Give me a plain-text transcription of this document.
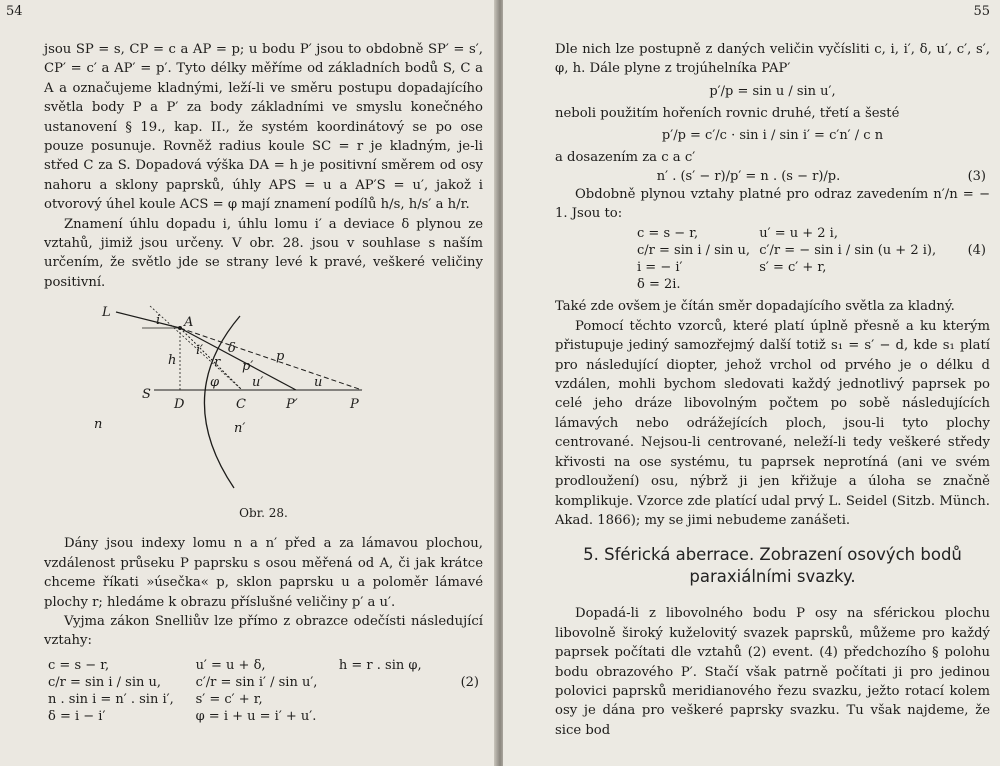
54

jsou SP = s, CP = c a AP = p; u bodu P′ jsou to obdobně SP′ = s′, CP′ = c′ a AP′ = p′. Tyto délky měříme od základních bodů S, C a A a označujeme kladnými, leží-li ve směru postupu dopadajícího světla body P a P′ za body základními ve smyslu konečného ustanovení § 19., kap. II., že systém koordinátový se po ose pouze posunuje. Rovněž radius koule SC = r je kladným, je-li střed C za S. Dopadová výška DA = h je positivní směrem od osy nahoru a sklony paprsků, úhly APS = u a AP′S = u′, jakož i otvorový úhel koule ACS = φ mají znamení podílů h/s, h/s′ a h/r.

Znamení úhlu dopadu i, úhlu lomu i′ a deviace δ plynou ze vztahů, jimiž jsou určeny. V obr. 28. jsou v souhlase s naším určením, že světlo jde se strany levé k pravé, veškeré veličiny positivní.

L
i A
h
S
D	C	P′	P
n	n′
p
p′
δ
r
i′
φ	u′	u
Obr. 28.

Dány jsou indexy lomu n a n′ před a za lámavou plochou, vzdálenost průseku P paprsku s osou měřená od A, či jak krátce chceme říkati »úsečka« p, sklon paprsku u a poloměr lámavé plochy r; hledáme k obrazu příslušné veličiny p′ a u′.

Vyjma zákon Snelliův lze přímo z obrazce odečísti následující vztahy:

c = s − r,	u′ = u + δ,	h = r . sin φ,	
c/r = sin i / sin u,	c′/r = sin i′ / sin u′,		(2)
n . sin i = n′ . sin i′,	s′ = c′ + r,		
δ = i − i′	φ = i + u = i′ + u′.		
55

Dle nich lze postupně z daných veličin vyčísliti c, i, i′, δ, u′, c′, s′, φ, h. Dále plyne z trojúhelníka PAP′

p′/p = sin u / sin u′,

neboli použitím hořeních rovnic druhé, třetí a šesté

p′/p = c′/c · sin i / sin i′ = c′n′ / c n

a dosazením za c a c′

n′ . (s′ − r)/p′ = n . (s − r)/p.	(3)

Obdobně plynou vztahy platné pro odraz zavedením n′/n = − 1. Jsou to:

	c = s − r,	u′ = u + 2 i,	
	c/r = sin i / sin u,	c′/r = − sin i / sin (u + 2 i),	(4)
	i = − i′	s′ = c′ + r,	
	δ = 2i.		

Také zde ovšem je čítán směr dopadajícího světla za kladný.

Pomocí těchto vzorců, které platí úplně přesně a ku kterým přistupuje jediný samozřejmý další totiž s₁ = s′ − d, kde s₁ platí pro následující diopter, jehož vrchol od prvého je o délku d vzdálen, mohli bychom sledovati každý jednotlivý paprsek po celé jeho dráze libovolným počtem po sobě následujících lámavých nebo odrážejících ploch, jsou-li tyto plochy centrované. Nejsou-li centrované, neleží-li tedy veškeré středy křivosti na ose systému, tu paprsek neprotíná (ani ve svém prodloužení) osu, nýbrž ji jen křižuje a úloha se značně komplikuje. Vzorce zde platící udal prvý L. Seidel (Sitzb. Münch. Akad. 1866); my se jimi nebudeme zanášeti.

5. Sférická aberrace. Zobrazení osových bodů paraxiálními svazky.

Dopadá-li z libovolného bodu P osy na sférickou plochu libovolně široký kuželovitý svazek paprsků, můžeme pro každý paprsek počítati dle vztahů (2) event. (4) předchozího § polohu bodu obrazového P′. Stačí však patrně počítati ji pro jedinou polovici paprsků meridianového řezu svazku, ježto rotací kolem osy je dána pro veškeré paprsky svazku. Tu však najdeme, že sice bod
